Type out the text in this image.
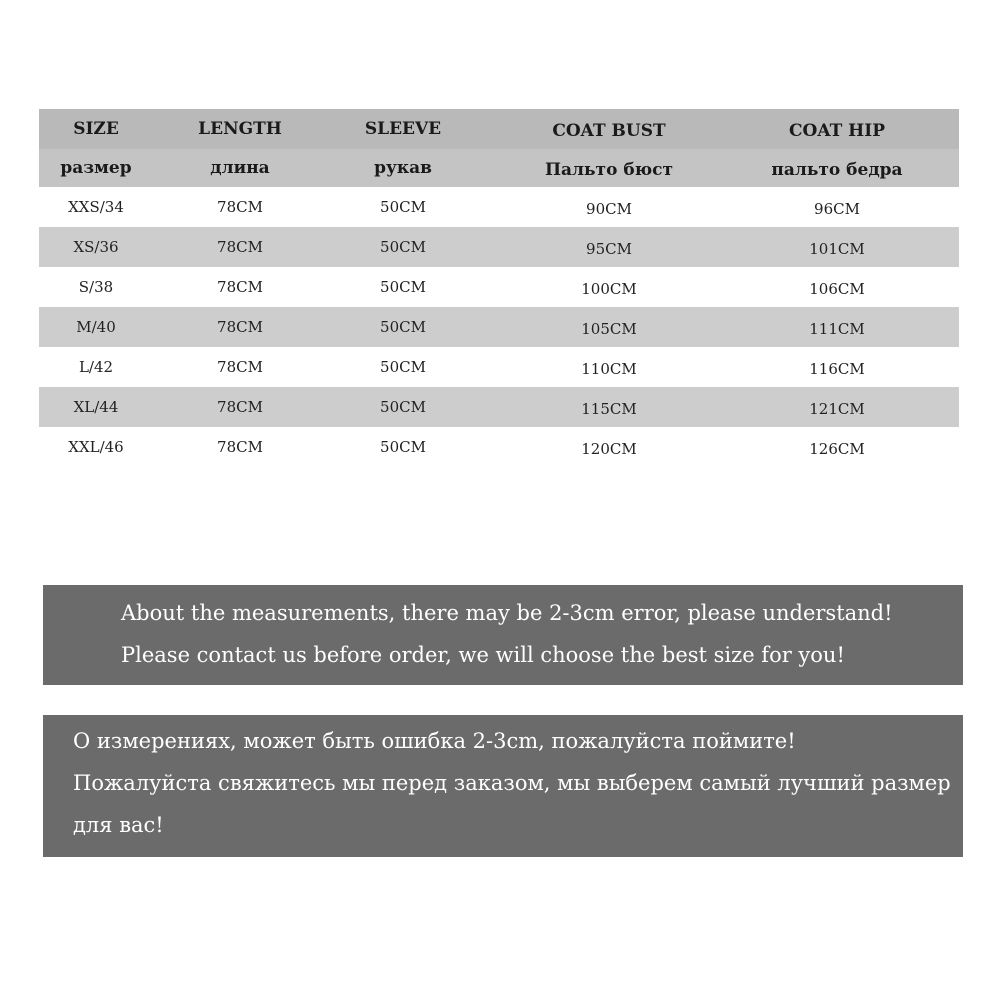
SIZE	LENGTH	SLEEVE	COAT BUST	COAT HIP
размер	длина	рукав	Пальто бюст	пальто бедра
XXS/34	78CM	50CM	90CM	96CM
XS/36	78CM	50CM	95CM	101CM
S/38	78CM	50CM	100CM	106CM
M/40	78CM	50CM	105CM	111CM
L/42	78CM	50CM	110CM	116CM
XL/44	78CM	50CM	115CM	121CM
XXL/46	78CM	50CM	120CM	126CM
About the measurements, there may be 2-3cm error, please understand!
Please contact us before order, we will choose the best size for you!
О измерениях, может быть ошибка 2-3cm, пожалуйста поймите!
Пожалуйста свяжитесь мы перед заказом, мы выберем самый лучший размер
для вас!
